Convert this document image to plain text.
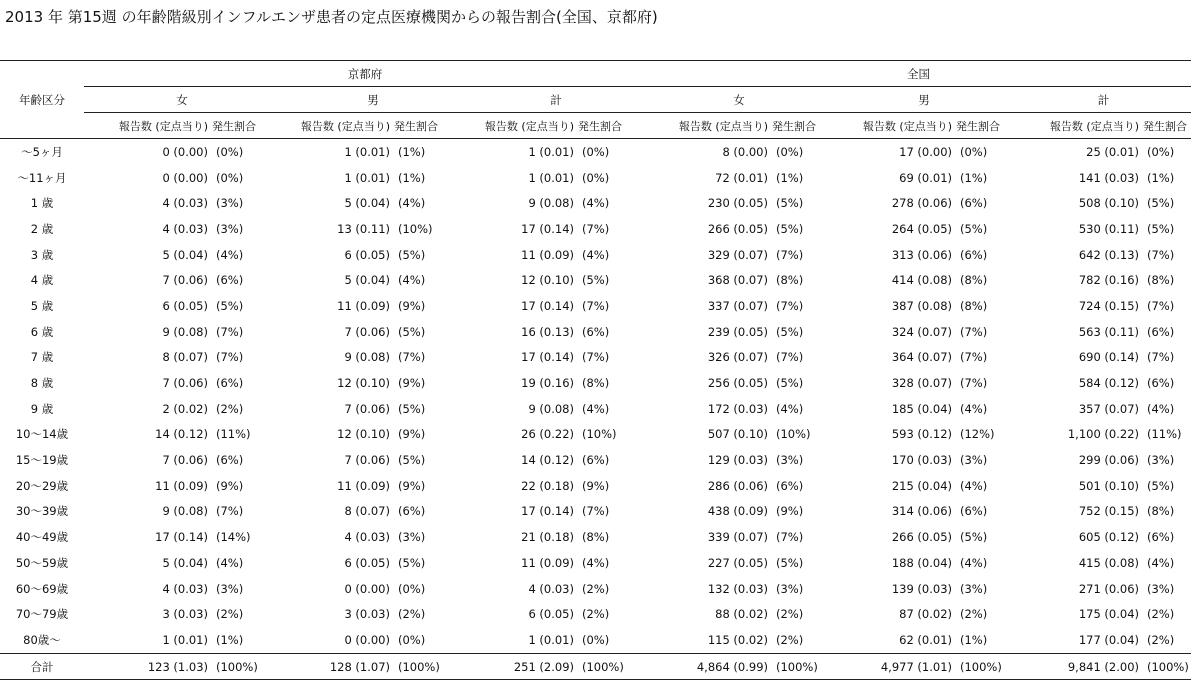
2013 年 第15週 の年齢階級別インフルエンザ患者の定点医療機関からの報告割合(全国、京都府)
年齢区分	京都府						全国					
	女		男		計		女		男		計	
	報告数 (定点当り)	発生割合	報告数 (定点当り)	発生割合	報告数 (定点当り)	発生割合	報告数 (定点当り)	発生割合	報告数 (定点当り)	発生割合	報告数 (定点当り)	発生割合
～5ヶ月	0 (0.00)	(0%)	1 (0.01)	(1%)	1 (0.01)	(0%)	8 (0.00)	(0%)	17 (0.00)	(0%)	25 (0.01)	(0%)
～11ヶ月	0 (0.00)	(0%)	1 (0.01)	(1%)	1 (0.01)	(0%)	72 (0.01)	(1%)	69 (0.01)	(1%)	141 (0.03)	(1%)
1 歳	4 (0.03)	(3%)	5 (0.04)	(4%)	9 (0.08)	(4%)	230 (0.05)	(5%)	278 (0.06)	(6%)	508 (0.10)	(5%)
2 歳	4 (0.03)	(3%)	13 (0.11)	(10%)	17 (0.14)	(7%)	266 (0.05)	(5%)	264 (0.05)	(5%)	530 (0.11)	(5%)
3 歳	5 (0.04)	(4%)	6 (0.05)	(5%)	11 (0.09)	(4%)	329 (0.07)	(7%)	313 (0.06)	(6%)	642 (0.13)	(7%)
4 歳	7 (0.06)	(6%)	5 (0.04)	(4%)	12 (0.10)	(5%)	368 (0.07)	(8%)	414 (0.08)	(8%)	782 (0.16)	(8%)
5 歳	6 (0.05)	(5%)	11 (0.09)	(9%)	17 (0.14)	(7%)	337 (0.07)	(7%)	387 (0.08)	(8%)	724 (0.15)	(7%)
6 歳	9 (0.08)	(7%)	7 (0.06)	(5%)	16 (0.13)	(6%)	239 (0.05)	(5%)	324 (0.07)	(7%)	563 (0.11)	(6%)
7 歳	8 (0.07)	(7%)	9 (0.08)	(7%)	17 (0.14)	(7%)	326 (0.07)	(7%)	364 (0.07)	(7%)	690 (0.14)	(7%)
8 歳	7 (0.06)	(6%)	12 (0.10)	(9%)	19 (0.16)	(8%)	256 (0.05)	(5%)	328 (0.07)	(7%)	584 (0.12)	(6%)
9 歳	2 (0.02)	(2%)	7 (0.06)	(5%)	9 (0.08)	(4%)	172 (0.03)	(4%)	185 (0.04)	(4%)	357 (0.07)	(4%)
10～14歳	14 (0.12)	(11%)	12 (0.10)	(9%)	26 (0.22)	(10%)	507 (0.10)	(10%)	593 (0.12)	(12%)	1,100 (0.22)	(11%)
15～19歳	7 (0.06)	(6%)	7 (0.06)	(5%)	14 (0.12)	(6%)	129 (0.03)	(3%)	170 (0.03)	(3%)	299 (0.06)	(3%)
20～29歳	11 (0.09)	(9%)	11 (0.09)	(9%)	22 (0.18)	(9%)	286 (0.06)	(6%)	215 (0.04)	(4%)	501 (0.10)	(5%)
30～39歳	9 (0.08)	(7%)	8 (0.07)	(6%)	17 (0.14)	(7%)	438 (0.09)	(9%)	314 (0.06)	(6%)	752 (0.15)	(8%)
40～49歳	17 (0.14)	(14%)	4 (0.03)	(3%)	21 (0.18)	(8%)	339 (0.07)	(7%)	266 (0.05)	(5%)	605 (0.12)	(6%)
50～59歳	5 (0.04)	(4%)	6 (0.05)	(5%)	11 (0.09)	(4%)	227 (0.05)	(5%)	188 (0.04)	(4%)	415 (0.08)	(4%)
60～69歳	4 (0.03)	(3%)	0 (0.00)	(0%)	4 (0.03)	(2%)	132 (0.03)	(3%)	139 (0.03)	(3%)	271 (0.06)	(3%)
70～79歳	3 (0.03)	(2%)	3 (0.03)	(2%)	6 (0.05)	(2%)	88 (0.02)	(2%)	87 (0.02)	(2%)	175 (0.04)	(2%)
80歳～	1 (0.01)	(1%)	0 (0.00)	(0%)	1 (0.01)	(0%)	115 (0.02)	(2%)	62 (0.01)	(1%)	177 (0.04)	(2%)
合計	123 (1.03)	(100%)	128 (1.07)	(100%)	251 (2.09)	(100%)	4,864 (0.99)	(100%)	4,977 (1.01)	(100%)	9,841 (2.00)	(100%)
